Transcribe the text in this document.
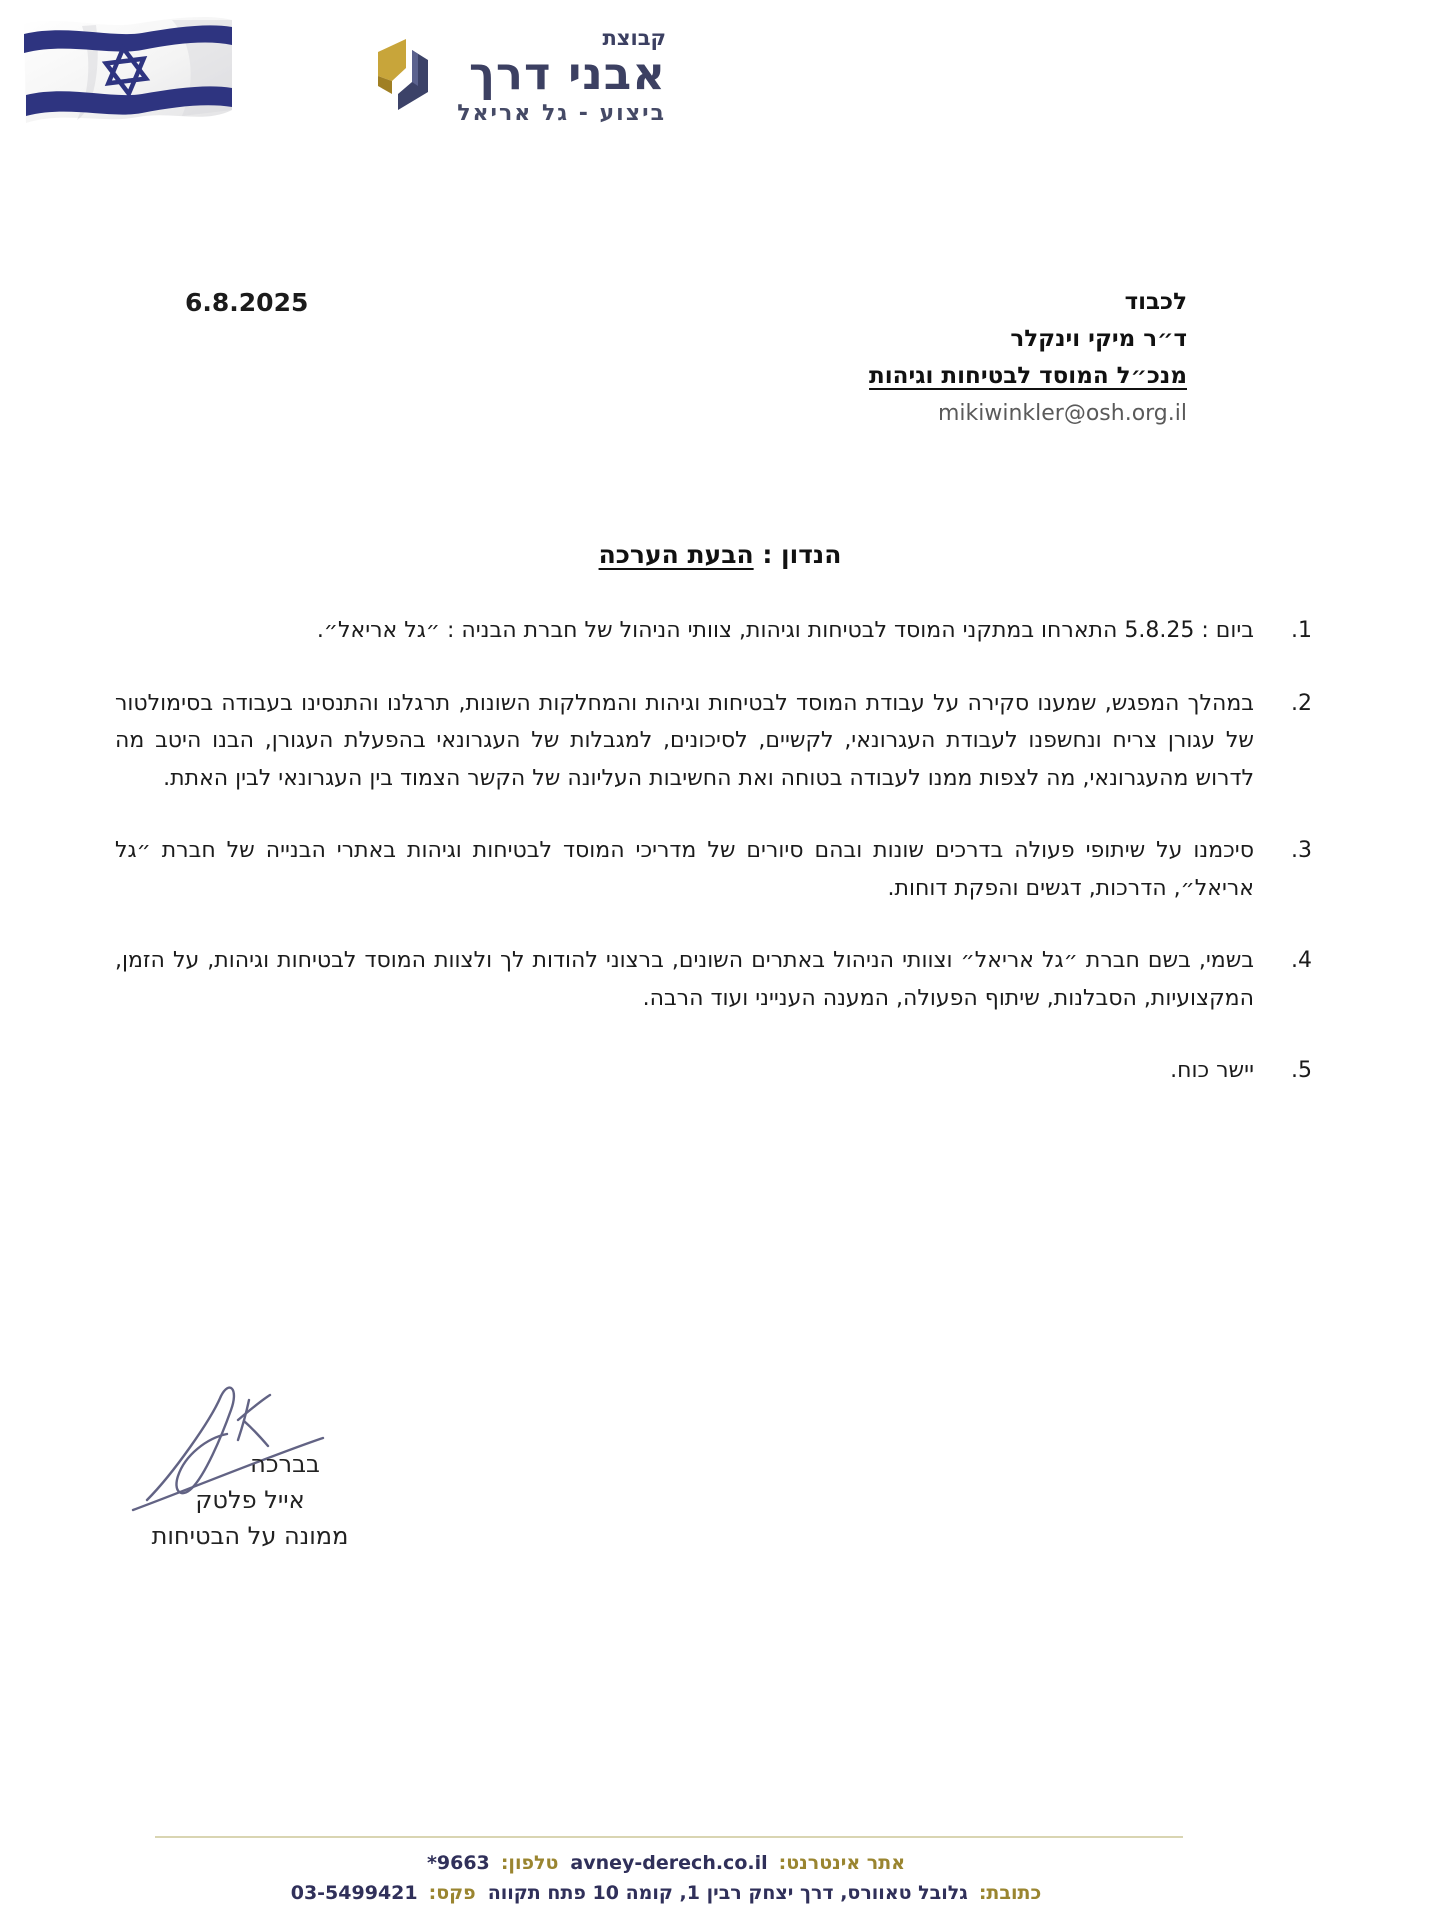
קבוצת
אבני דרך
ביצוע - גל אריאל
6.8.2025	לכבוד
ד״ר מיקי וינקלר
מנכ״ל המוסד לבטיחות וגיהות
mikiwinkler@osh.org.il
הנדון : הבעת הערכה
1.
ביום : 5.8.25 התארחו במתקני המוסד לבטיחות וגיהות, צוותי הניהול של חברת הבניה : ״גל אריאל״.
2.
במהלך המפגש, שמענו סקירה על עבודת המוסד לבטיחות וגיהות והמחלקות השונות, תרגלנו והתנסינו בעבודה בסימולטור של עגורן צריח ונחשפנו לעבודת העגרונאי, לקשיים, לסיכונים, למגבלות של העגרונאי בהפעלת העגורן, הבנו היטב מה לדרוש מהעגרונאי, מה לצפות ממנו לעבודה בטוחה ואת החשיבות העליונה של הקשר הצמוד בין העגרונאי לבין האתת.
3.
סיכמנו על שיתופי פעולה בדרכים שונות ובהם סיורים של מדריכי המוסד לבטיחות וגיהות באתרי הבנייה של חברת ״גל אריאל״, הדרכות, דגשים והפקת דוחות.
4.
בשמי, בשם חברת ״גל אריאל״ וצוותי הניהול באתרים השונים, ברצוני להודות לך ולצוות המוסד לבטיחות וגיהות, על הזמן, המקצועיות, הסבלנות, שיתוף הפעולה, המענה הענייני ועוד הרבה.
5.
יישר כוח.
בברכה
אייל פלטק
ממונה על הבטיחות
אתר אינטרנט: avney-derech.co.il טלפון: 9663*
כתובת: גלובל טאוורס, דרך יצחק רבין 1, קומה 10 פתח תקווה פקס: 03-5499421
